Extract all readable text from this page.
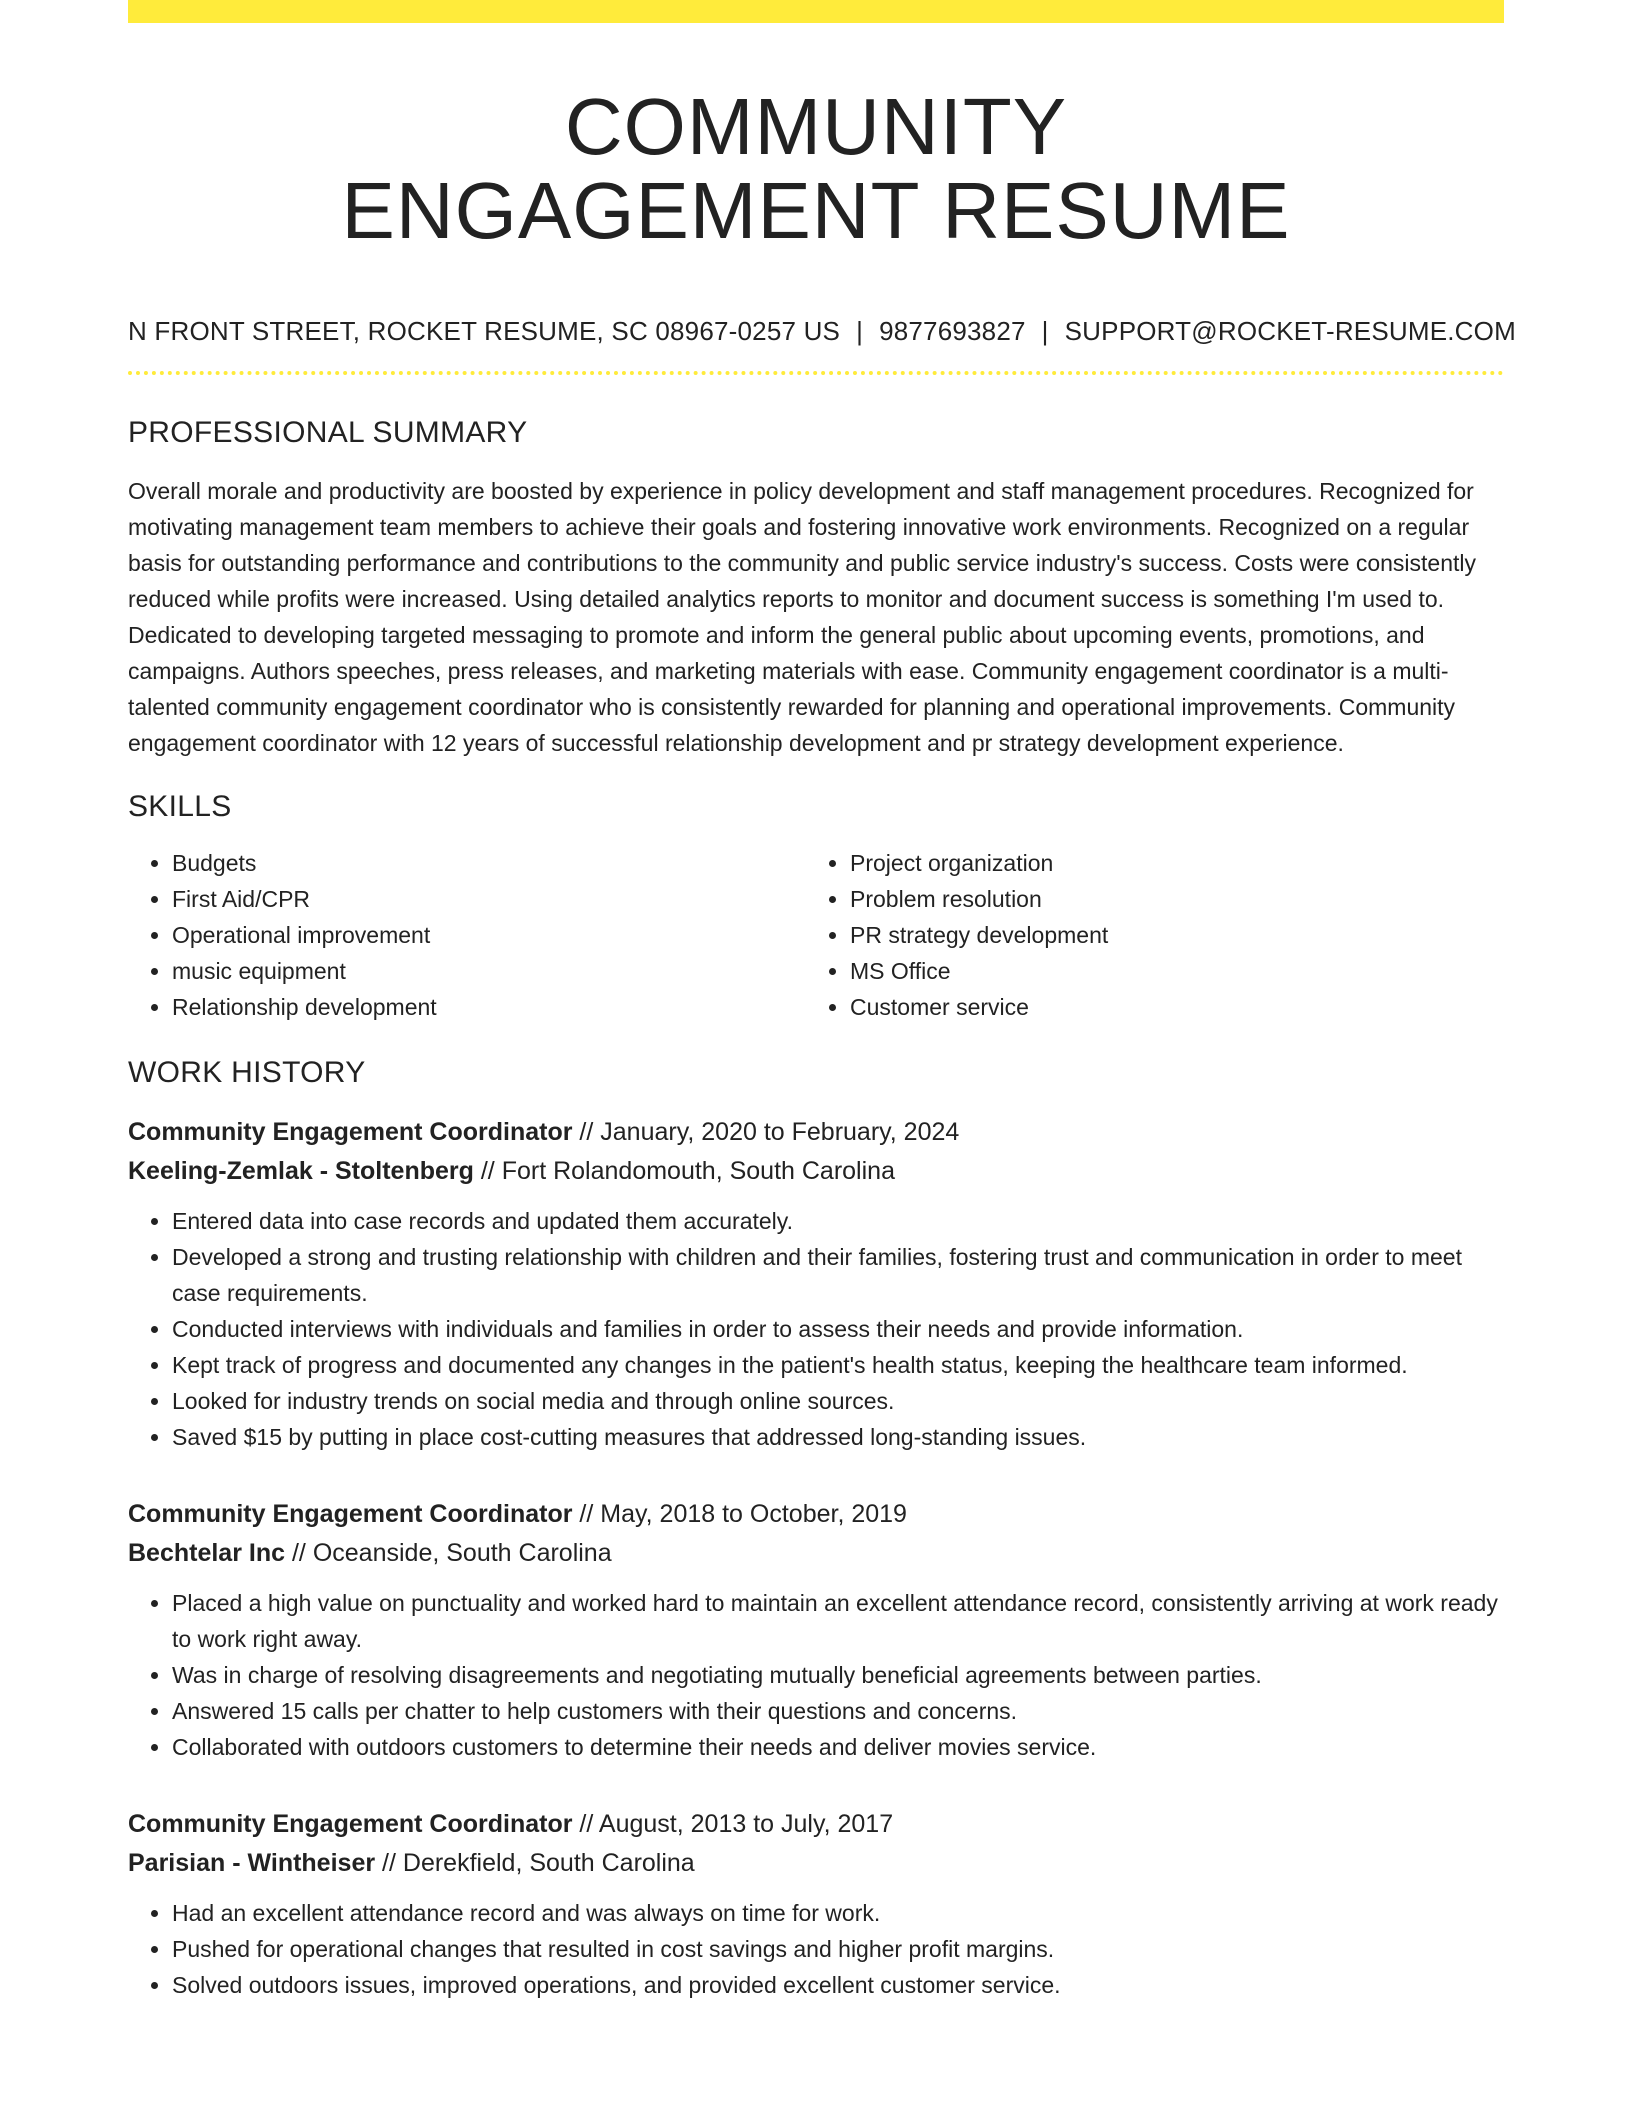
COMMUNITY
ENGAGEMENT RESUME
N FRONT STREET, ROCKET RESUME, SC 08967-0257 US | 9877693827 | SUPPORT@ROCKET-RESUME.COM
PROFESSIONAL SUMMARY

Overall morale and productivity are boosted by experience in policy development and staff management procedures. Recognized for motivating management team members to achieve their goals and fostering innovative work environments. Recognized on a regular basis for outstanding performance and contributions to the community and public service industry's success. Costs were consistently reduced while profits were increased. Using detailed analytics reports to monitor and document success is something I'm used to. Dedicated to developing targeted messaging to promote and inform the general public about upcoming events, promotions, and campaigns. Authors speeches, press releases, and marketing materials with ease. Community engagement coordinator is a multi-talented community engagement coordinator who is consistently rewarded for planning and operational improvements. Community engagement coordinator with 12 years of successful relationship development and pr strategy development experience.

SKILLS
• Budgets
• First Aid/CPR
• Operational improvement
• music equipment
• Relationship development
• Project organization
• Problem resolution
• PR strategy development
• MS Office
• Customer service
WORK HISTORY
Community Engagement Coordinator // January, 2020 to February, 2024
Keeling-Zemlak - Stoltenberg // Fort Rolandomouth, South Carolina
• Entered data into case records and updated them accurately.
• Developed a strong and trusting relationship with children and their families, fostering trust and communication in order to meet case requirements.
• Conducted interviews with individuals and families in order to assess their needs and provide information.
• Kept track of progress and documented any changes in the patient's health status, keeping the healthcare team informed.
• Looked for industry trends on social media and through online sources.
• Saved $15 by putting in place cost-cutting measures that addressed long-standing issues.
Community Engagement Coordinator // May, 2018 to October, 2019
Bechtelar Inc // Oceanside, South Carolina
• Placed a high value on punctuality and worked hard to maintain an excellent attendance record, consistently arriving at work ready to work right away.
• Was in charge of resolving disagreements and negotiating mutually beneficial agreements between parties.
• Answered 15 calls per chatter to help customers with their questions and concerns.
• Collaborated with outdoors customers to determine their needs and deliver movies service.
Community Engagement Coordinator // August, 2013 to July, 2017
Parisian - Wintheiser // Derekfield, South Carolina
• Had an excellent attendance record and was always on time for work.
• Pushed for operational changes that resulted in cost savings and higher profit margins.
• Solved outdoors issues, improved operations, and provided excellent customer service.
